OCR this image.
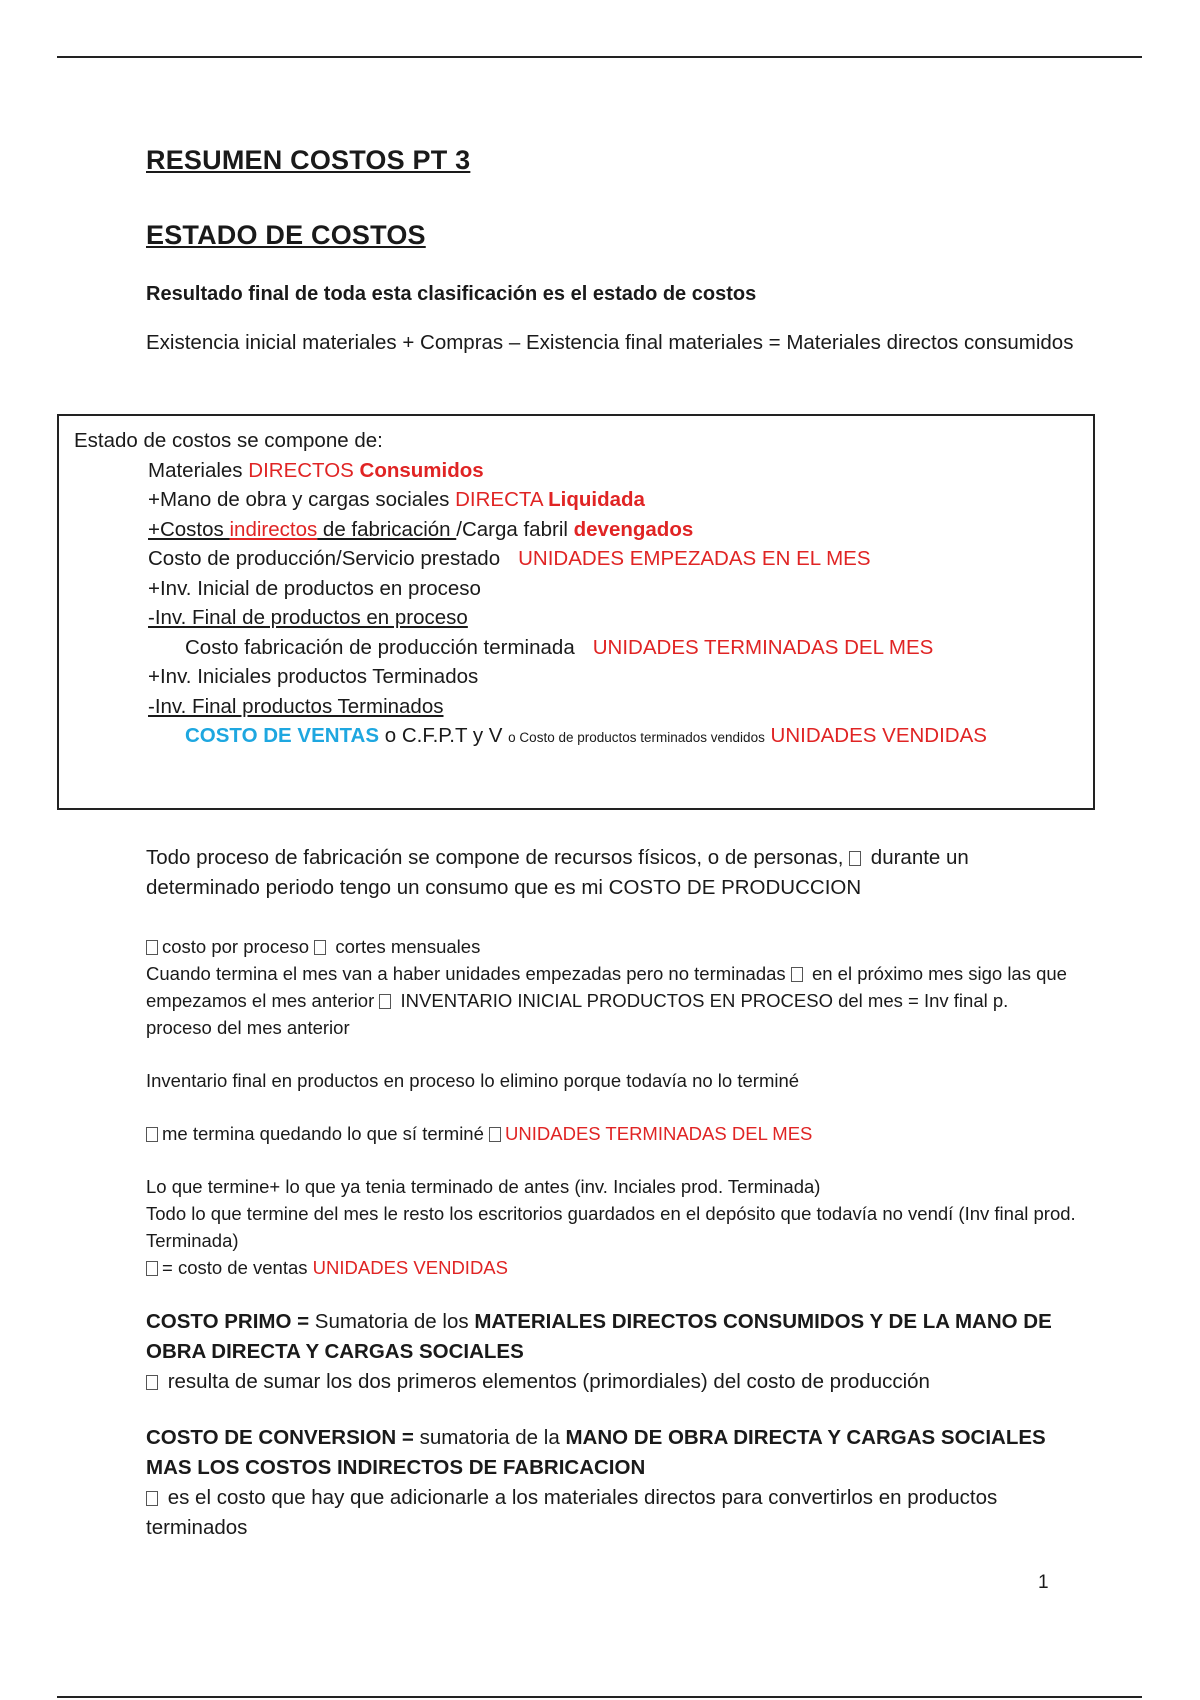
RESUMEN COSTOS PT 3
ESTADO DE COSTOS
Resultado final de toda esta clasificación es el estado de costos

Existencia inicial materiales + Compras – Existencia final materiales = Materiales directos consumidos

Estado de costos se compone de:
Materiales DIRECTOS Consumidos
+Mano de obra y cargas sociales DIRECTA Liquidada
+Costos indirectos de fabricación /Carga fabril devengados
Costo de producción/Servicio prestado UNIDADES EMPEZADAS EN EL MES
+Inv. Inicial de productos en proceso
-Inv. Final de productos en proceso
Costo fabricación de producción terminada UNIDADES TERMINADAS DEL MES
+Inv. Iniciales productos Terminados
-Inv. Final productos Terminados
COSTO DE VENTAS o C.F.P.T y V o Costo de productos terminados vendidos UNIDADES VENDIDAS

Todo proceso de fabricación se compone de recursos físicos, o de personas,  durante un determinado periodo tengo un consumo que es mi COSTO DE PRODUCCION

costo por proceso  cortes mensuales
Cuando termina el mes van a haber unidades empezadas pero no terminadas  en el próximo mes sigo las que empezamos el mes anterior  INVENTARIO INICIAL PRODUCTOS EN PROCESO del mes = Inv final p. proceso del mes anterior

Inventario final en productos en proceso lo elimino porque todavía no lo terminé

me termina quedando lo que sí terminé UNIDADES TERMINADAS DEL MES

Lo que termine+ lo que ya tenia terminado de antes (inv. Inciales prod. Terminada)
Todo lo que termine del mes le resto los escritorios guardados en el depósito que todavía no vendí (Inv final prod. Terminada)
= costo de ventas UNIDADES VENDIDAS

COSTO PRIMO = Sumatoria de los MATERIALES DIRECTOS CONSUMIDOS Y DE LA MANO DE OBRA DIRECTA Y CARGAS SOCIALES
resulta de sumar los dos primeros elementos (primordiales) del costo de producción

COSTO DE CONVERSION = sumatoria de la MANO DE OBRA DIRECTA Y CARGAS SOCIALES MAS LOS COSTOS INDIRECTOS DE FABRICACION
es el costo que hay que adicionarle a los materiales directos para convertirlos en productos terminados

1
